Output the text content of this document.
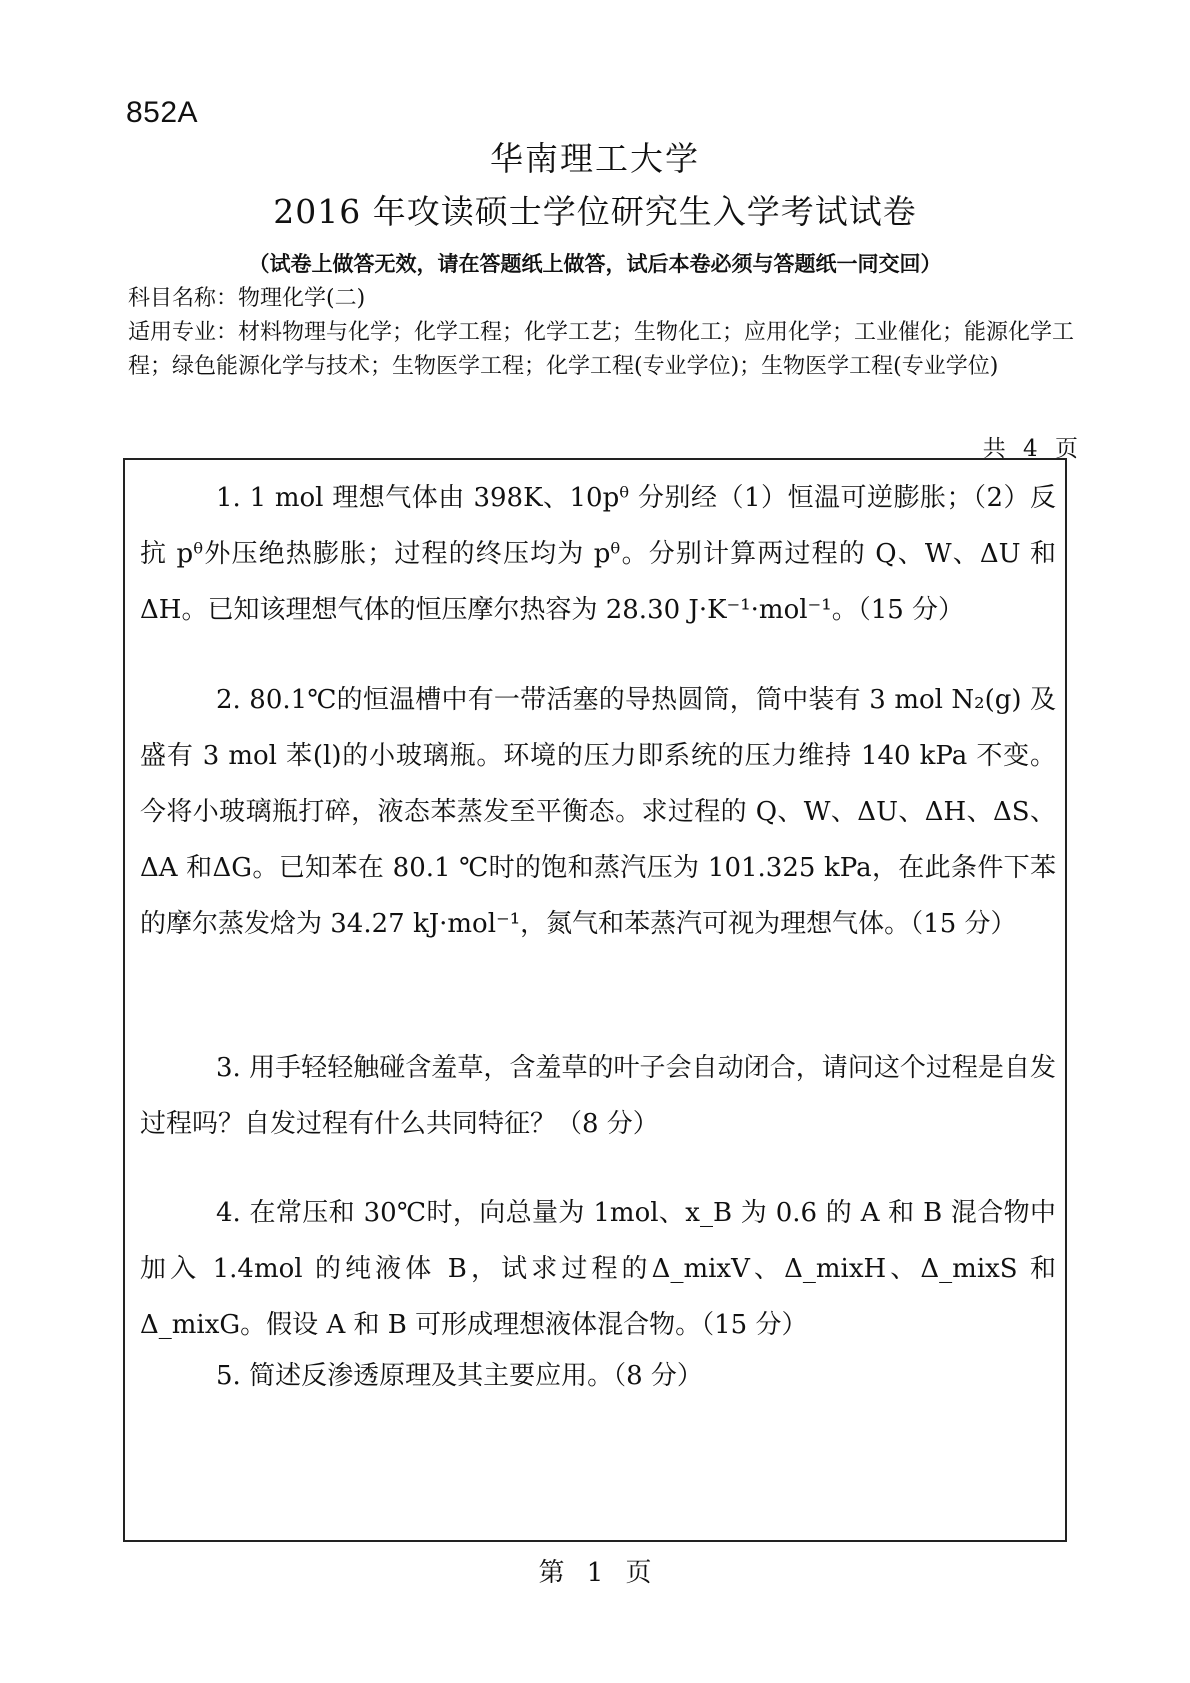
852A
华南理工大学
2016 年攻读硕士学位研究生入学考试试卷
（试卷上做答无效，请在答题纸上做答，试后本卷必须与答题纸一同交回）
科目名称：物理化学(二)
适用专业：材料物理与化学；化学工程；化学工艺；生物化工；应用化学；工业催化；能源化学工程；绿色能源化学与技术；生物医学工程；化学工程(专业学位)；生物医学工程(专业学位)
共 4 页
1. 1 mol 理想气体由 398K、10pᶿ 分别经（1）恒温可逆膨胀；（2）反抗 pᶿ外压绝热膨胀；过程的终压均为 pᶿ。分别计算两过程的 Q、W、ΔU 和ΔH。已知该理想气体的恒压摩尔热容为 28.30 J·K⁻¹·mol⁻¹。（15 分）
2. 80.1℃的恒温槽中有一带活塞的导热圆筒，筒中装有 3 mol N₂(g) 及盛有 3 mol 苯(l)的小玻璃瓶。环境的压力即系统的压力维持 140 kPa 不变。今将小玻璃瓶打碎，液态苯蒸发至平衡态。求过程的 Q、W、ΔU、ΔH、ΔS、ΔA 和ΔG。已知苯在 80.1 ℃时的饱和蒸汽压为 101.325 kPa，在此条件下苯的摩尔蒸发焓为 34.27 kJ·mol⁻¹，氮气和苯蒸汽可视为理想气体。（15 分）
3. 用手轻轻触碰含羞草，含羞草的叶子会自动闭合，请问这个过程是自发过程吗？自发过程有什么共同特征？（8 分）
4. 在常压和 30℃时，向总量为 1mol、x_B 为 0.6 的 A 和 B 混合物中加入 1.4mol 的纯液体 B，试求过程的Δ_mixV、Δ_mixH、Δ_mixS 和Δ_mixG。假设 A 和 B 可形成理想液体混合物。（15 分）
5. 简述反渗透原理及其主要应用。（8 分）
第 1 页
